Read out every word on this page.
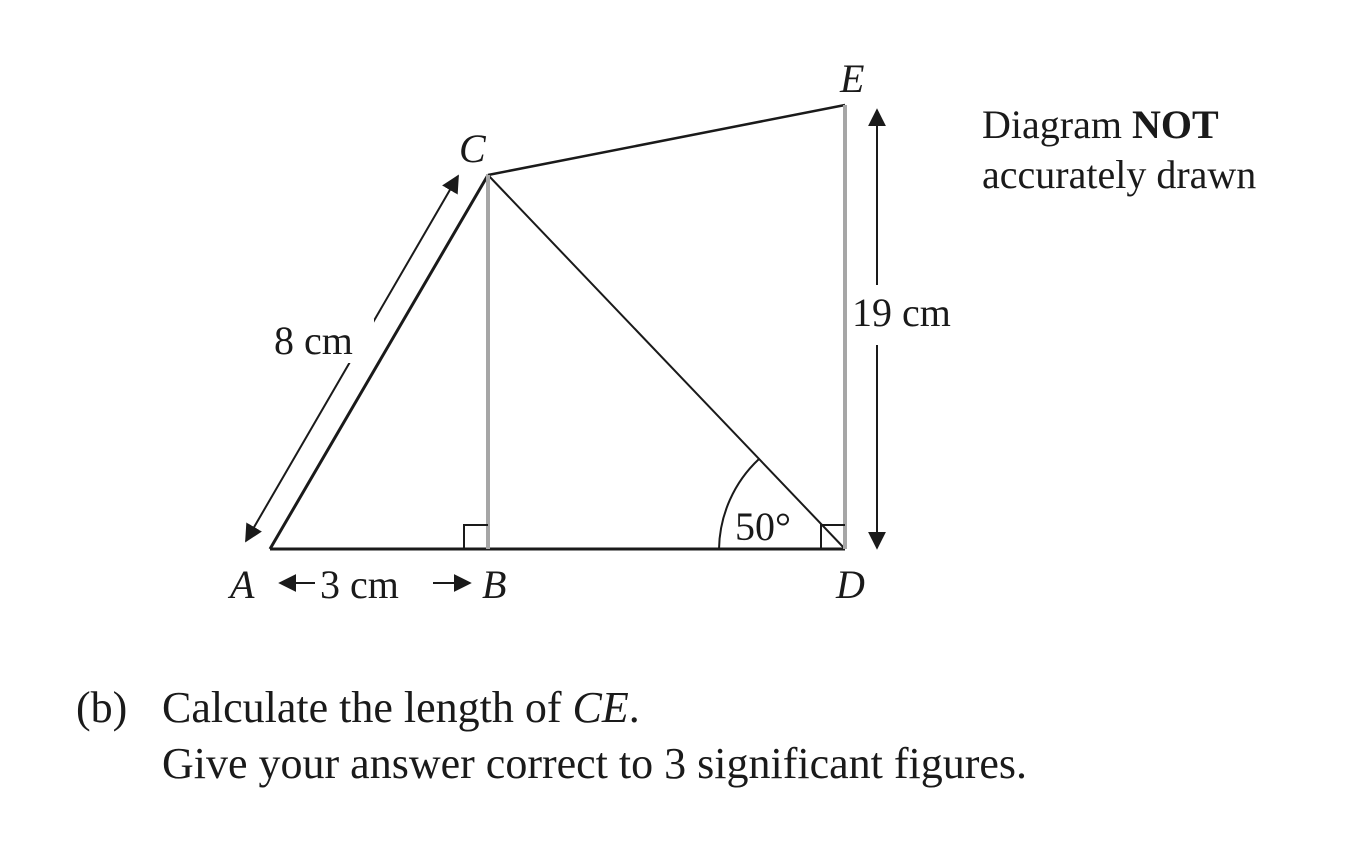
A	B
C
D
E
8 cm
3 cm
19 cm
50°
Diagram NOT
accurately drawn
(b) Calculate the length of CE.
Give your answer correct to 3 significant figures.
